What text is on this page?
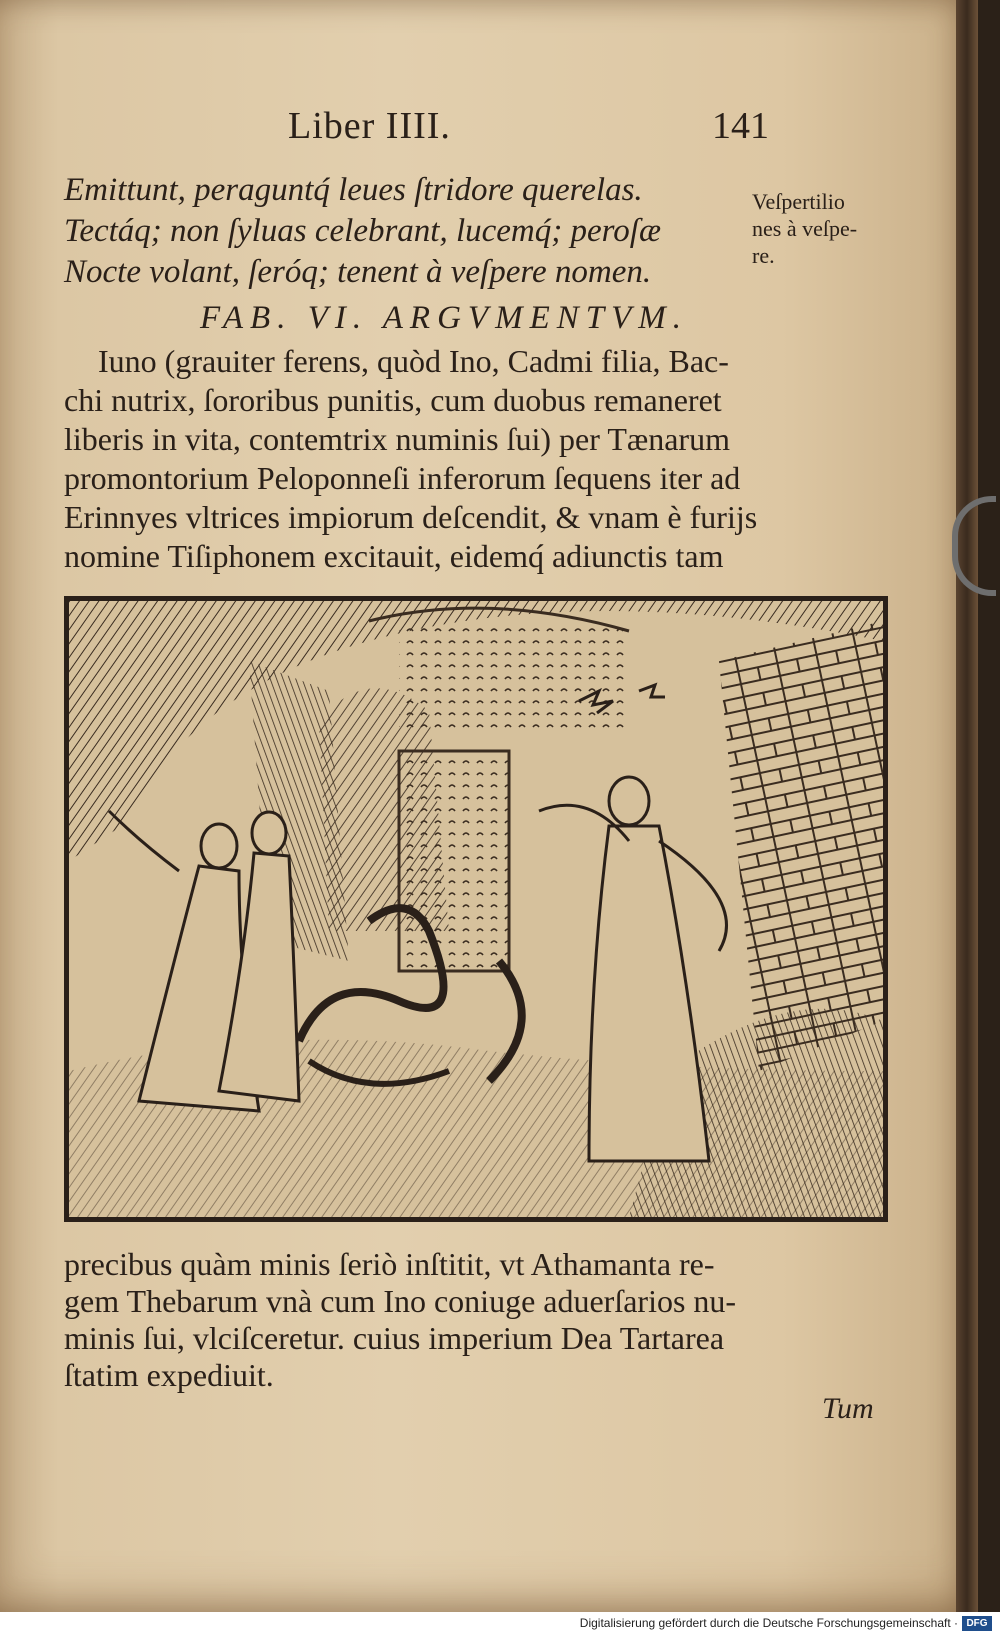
Liber IIII.	141
Emittunt, peraguntq́ leues ſtridore querelas.
Tectáq; non ſyluas celebrant, lucemq́; peroſæ
Nocte volant, ſeróq; tenent à veſpere nomen.
Veſpertilio
nes à veſpe-
re.
FAB. VI. ARGVMENTVM.
Iuno (grauiter ferens, quòd Ino, Cadmi filia, Bac-
chi nutrix, ſororibus punitis, cum duobus remaneret
liberis in vita, contemtrix numinis ſui) per Tænarum
promontorium Peloponneſi inferorum ſequens iter ad
Erinnyes vltrices impiorum deſcendit, & vnam è furijs
nomine Tiſiphonem excitauit, eidemq́ adiunctis tam
precibus quàm minis ſeriò inſtitit, vt Athamanta re-
gem Thebarum vnà cum Ino coniuge aduerſarios nu-
minis ſui, vlciſceretur. cuius imperium Dea Tartarea
ſtatim expediuit.
Tum
Digitalisierung gefördert durch die Deutsche Forschungsgemeinschaft · DFG
